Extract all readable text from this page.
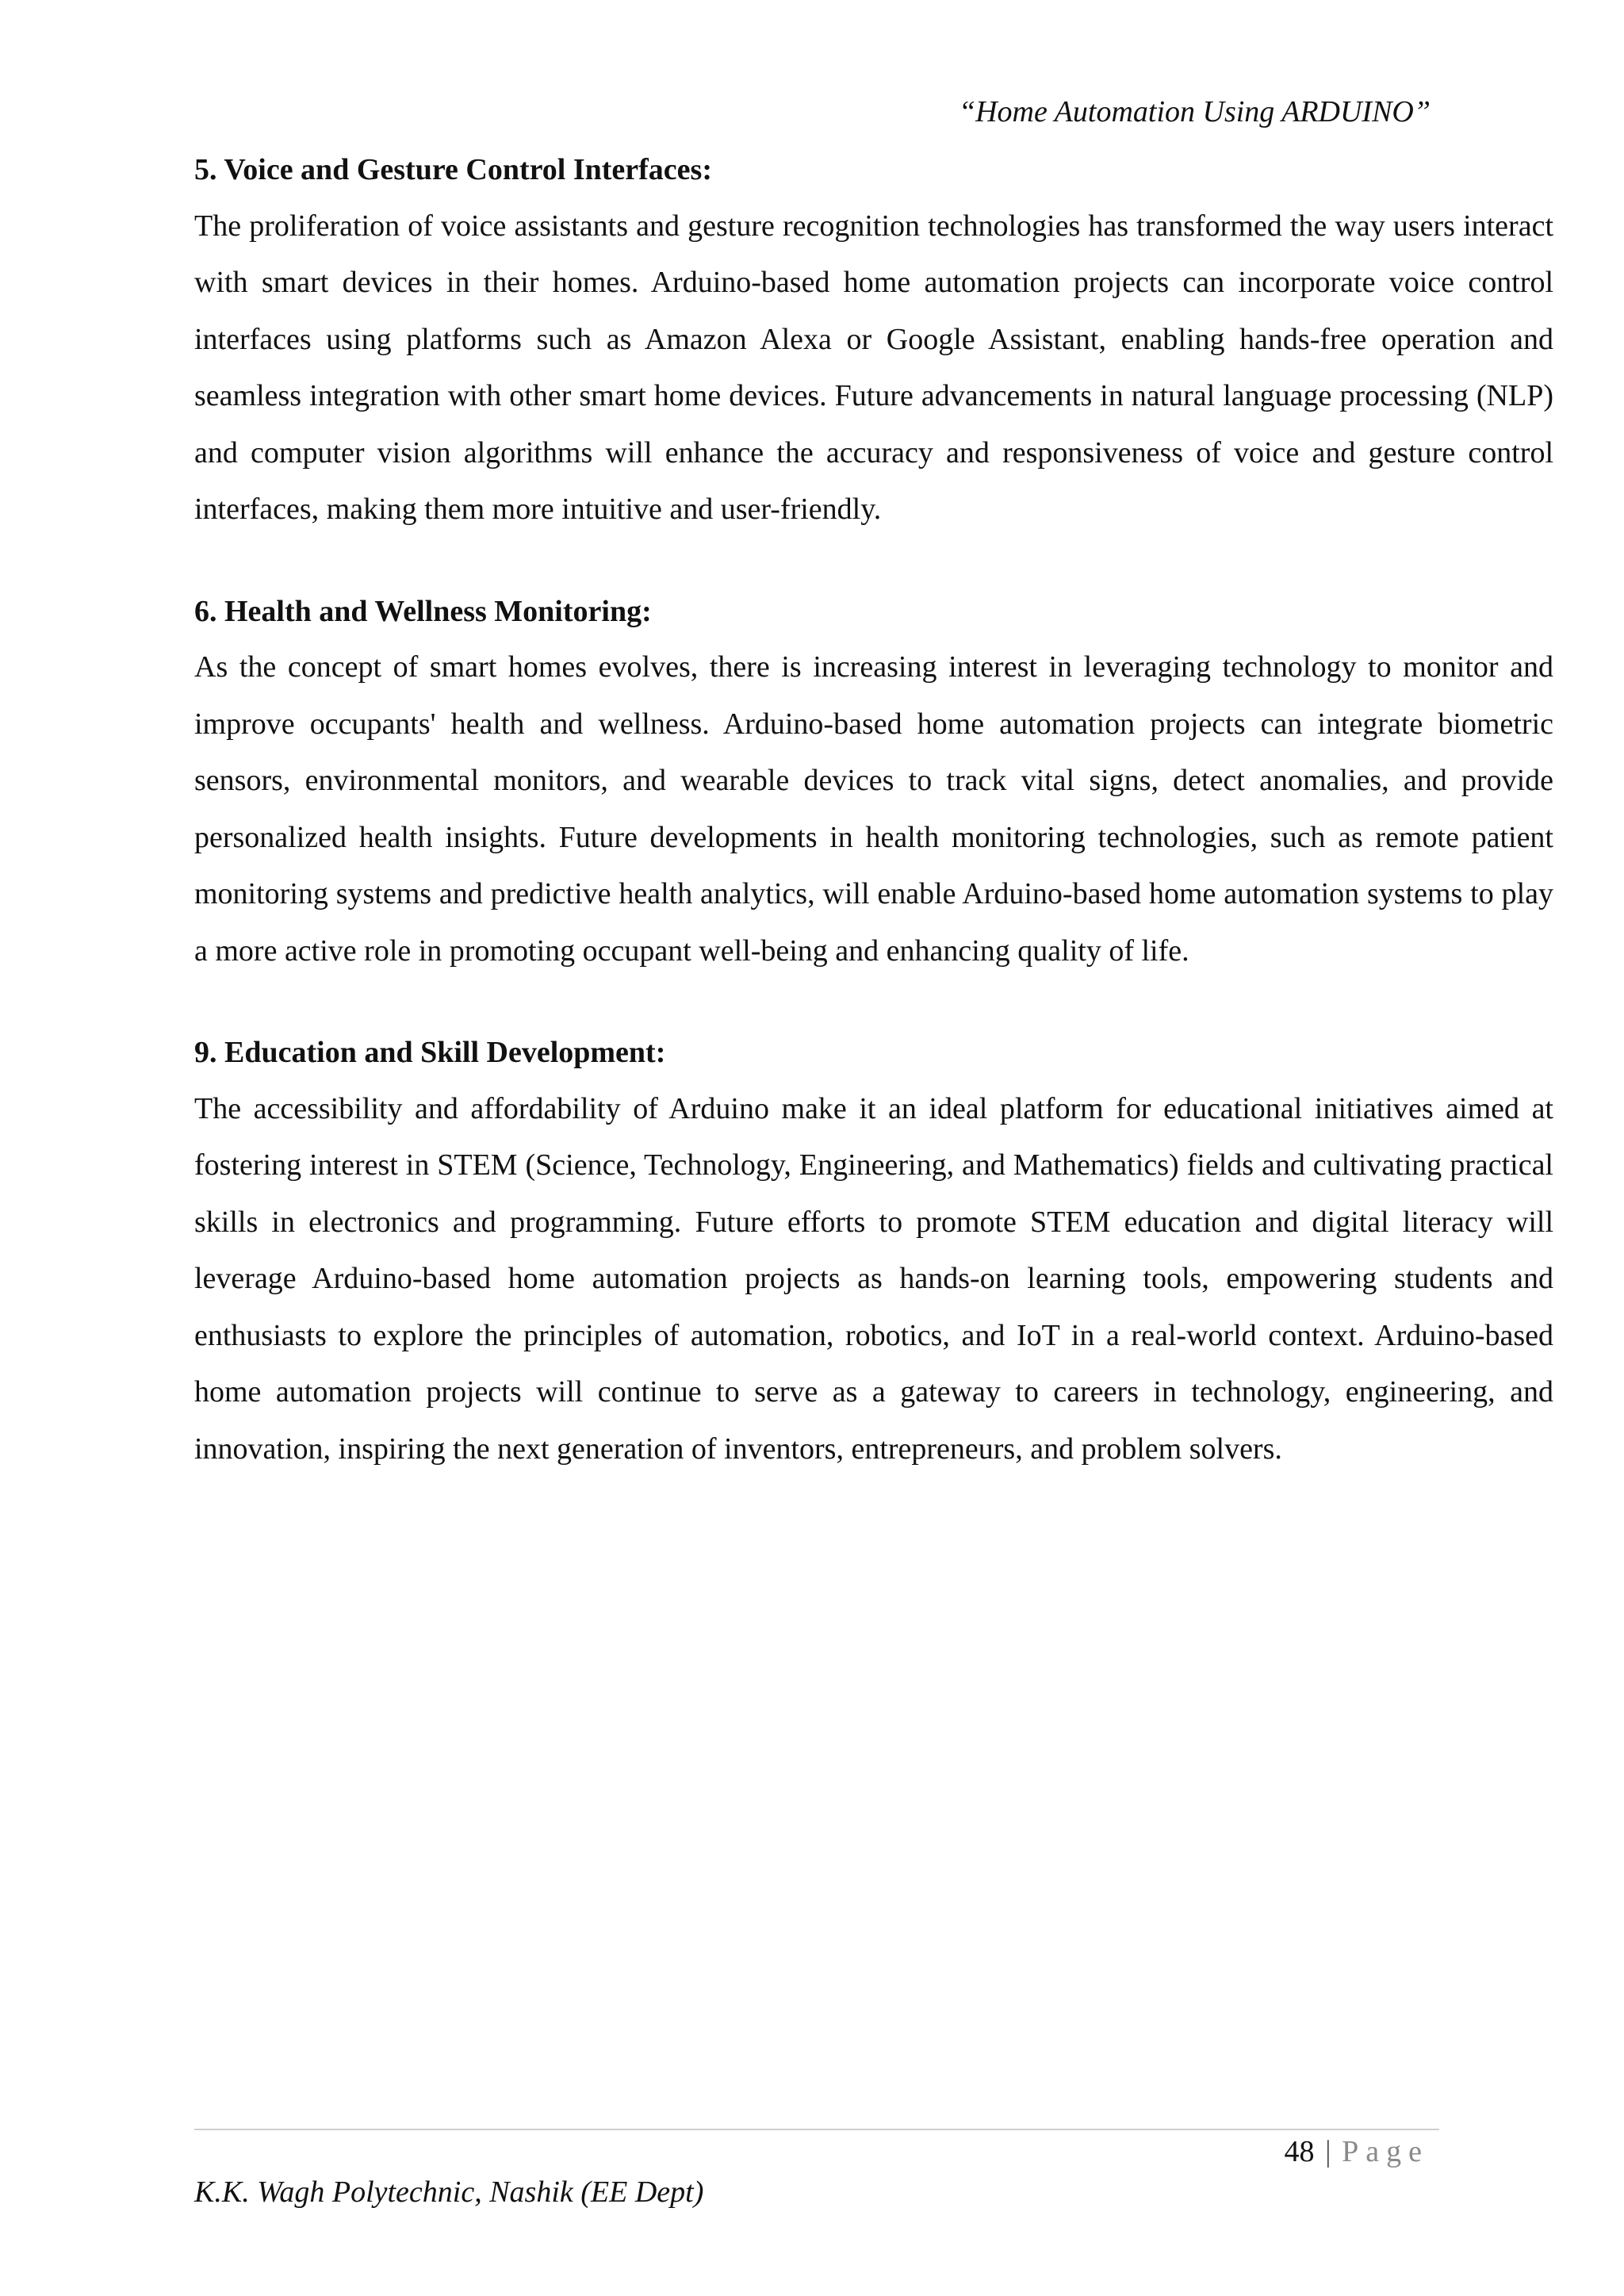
“Home Automation Using ARDUINO”
5. Voice and Gesture Control Interfaces:

The proliferation of voice assistants and gesture recognition technologies has transformed the way users interact with smart devices in their homes. Arduino-based home automation projects can incorporate voice control interfaces using platforms such as Amazon Alexa or Google Assistant, enabling hands-free operation and seamless integration with other smart home devices. Future advancements in natural language processing (NLP) and computer vision algorithms will enhance the accuracy and responsiveness of voice and gesture control interfaces, making them more intuitive and user-friendly.

6. Health and Wellness Monitoring:

As the concept of smart homes evolves, there is increasing interest in leveraging technology to monitor and improve occupants' health and wellness. Arduino-based home automation projects can integrate biometric sensors, environmental monitors, and wearable devices to track vital signs, detect anomalies, and provide personalized health insights. Future developments in health monitoring technologies, such as remote patient monitoring systems and predictive health analytics, will enable Arduino-based home automation systems to play a more active role in promoting occupant well-being and enhancing quality of life.

9. Education and Skill Development:

The accessibility and affordability of Arduino make it an ideal platform for educational initiatives aimed at fostering interest in STEM (Science, Technology, Engineering, and Mathematics) fields and cultivating practical skills in electronics and programming. Future efforts to promote STEM education and digital literacy will leverage Arduino-based home automation projects as hands-on learning tools, empowering students and enthusiasts to explore the principles of automation, robotics, and IoT in a real-world context. Arduino-based home automation projects will continue to serve as a gateway to careers in technology, engineering, and innovation, inspiring the next generation of inventors, entrepreneurs, and problem solvers.

48 | Page
K.K. Wagh Polytechnic, Nashik (EE Dept)
